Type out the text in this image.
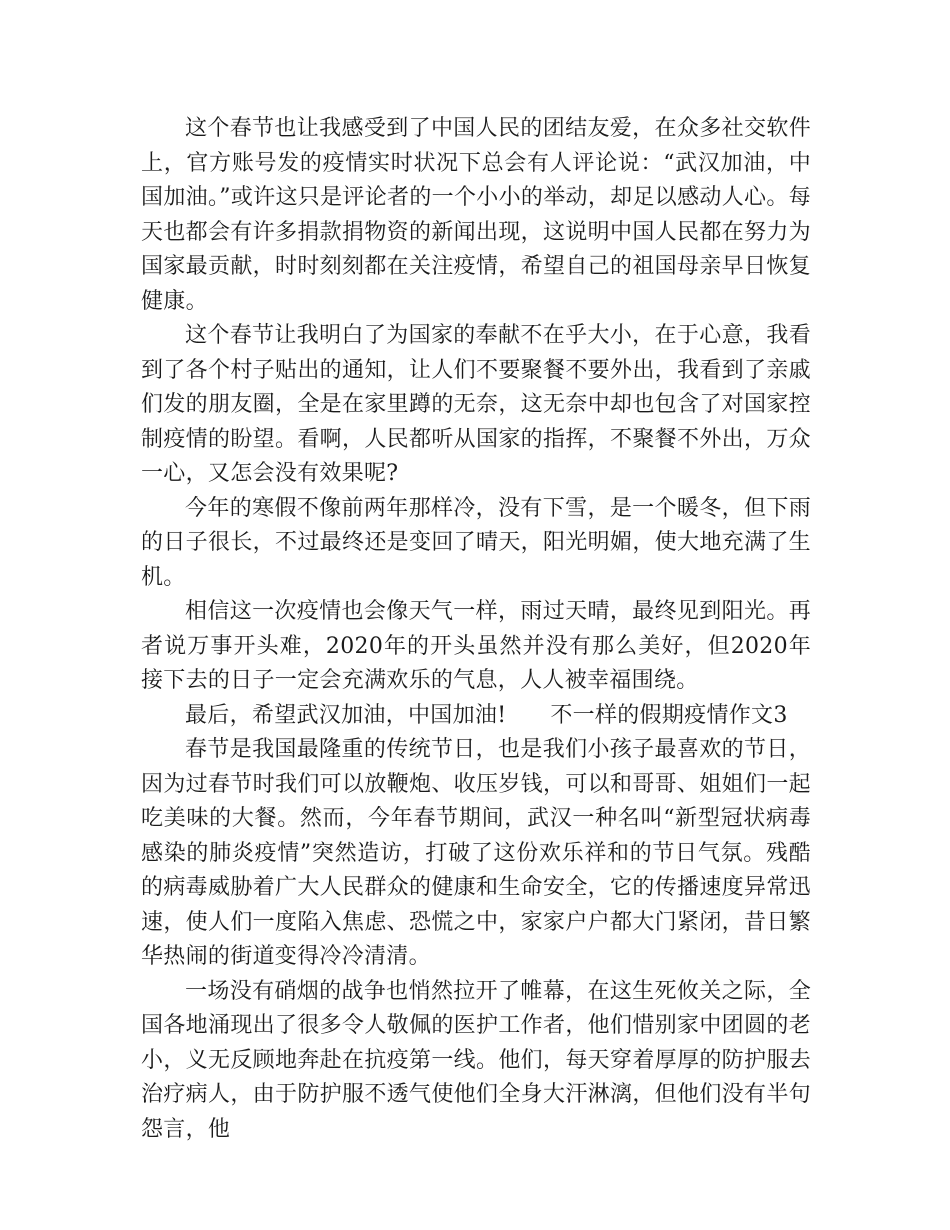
这个春节也让我感受到了中国人民的团结友爱，在众多社交软件上，官方账号发的疫情实时状况下总会有人评论说：“武汉加油，中国加油。”或许这只是评论者的一个小小的举动，却足以感动人心。每天也都会有许多捐款捐物资的新闻出现，这说明中国人民都在努力为国家最贡献，时时刻刻都在关注疫情，希望自己的祖国母亲早日恢复健康。

这个春节让我明白了为国家的奉献不在乎大小，在于心意，我看到了各个村子贴出的通知，让人们不要聚餐不要外出，我看到了亲戚们发的朋友圈，全是在家里蹲的无奈，这无奈中却也包含了对国家控制疫情的盼望。看啊，人民都听从国家的指挥，不聚餐不外出，万众一心，又怎会没有效果呢?

今年的寒假不像前两年那样冷，没有下雪，是一个暖冬，但下雨的日子很长，不过最终还是变回了晴天，阳光明媚，使大地充满了生机。

相信这一次疫情也会像天气一样，雨过天晴，最终见到阳光。再者说万事开头难，2020年的开头虽然并没有那么美好，但2020年接下去的日子一定会充满欢乐的气息，人人被幸福围绕。

最后，希望武汉加油，中国加油! 不一样的假期疫情作文3

春节是我国最隆重的传统节日，也是我们小孩子最喜欢的节日，因为过春节时我们可以放鞭炮、收压岁钱，可以和哥哥、姐姐们一起吃美味的大餐。然而，今年春节期间，武汉一种名叫“新型冠状病毒感染的肺炎疫情”突然造访，打破了这份欢乐祥和的节日气氛。残酷的病毒威胁着广大人民群众的健康和生命安全，它的传播速度异常迅速，使人们一度陷入焦虑、恐慌之中，家家户户都大门紧闭，昔日繁华热闹的街道变得冷冷清清。

一场没有硝烟的战争也悄然拉开了帷幕，在这生死攸关之际，全国各地涌现出了很多令人敬佩的医护工作者，他们惜别家中团圆的老小，义无反顾地奔赴在抗疫第一线。他们，每天穿着厚厚的防护服去治疗病人，由于防护服不透气使他们全身大汗淋漓，但他们没有半句怨言，他
